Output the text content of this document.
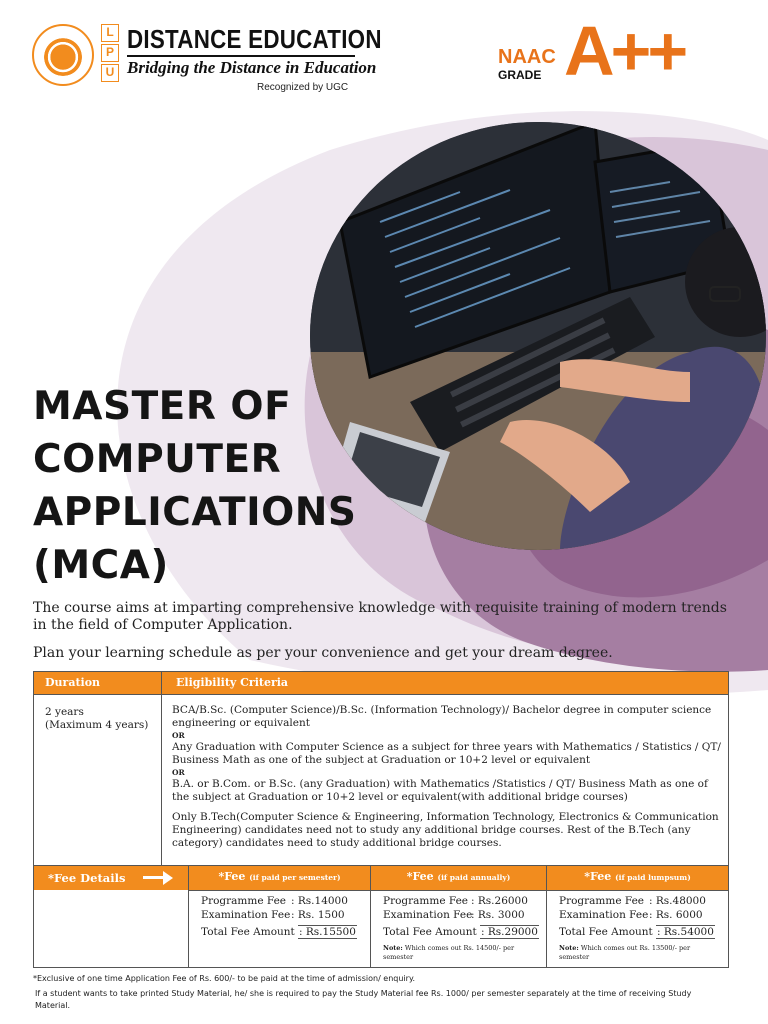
L
P
U
DISTANCE EDUCATION
Bridging the Distance in Education
Recognized by UGC
NAAC
GRADE A++
MASTER OF
COMPUTER
APPLICATIONS
(MCA)
The course aims at imparting comprehensive knowledge with requisite training of modern trends in the field of Computer Application.
Plan your learning schedule as per your convenience and get your dream degree.
Duration	Eligibility Criteria
2 years
(Maximum 4 years)

BCA/B.Sc. (Computer Science)/B.Sc. (Information Technology)/ Bachelor degree in computer science engineering or equivalent

OR

Any Graduation with Computer Science as a subject for three years with Mathematics / Statistics / QT/ Business Math as one of the subject at Graduation or 10+2 level or equivalent

OR

B.A. or B.Com. or B.Sc. (any Graduation) with Mathematics /Statistics / QT/ Business Math as one of the subject at Graduation or 10+2 level or equivalent(with additional bridge courses)

Only B.Tech(Computer Science & Engineering, Information Technology, Electronics & Communication Engineering) candidates need not to study any additional bridge courses. Rest of the B.Tech (any category) candidates need to study additional bridge courses.

*Fee Details	*Fee (if paid per semester)
Programme Fee : Rs.14000
Examination Fee : Rs. 1500
Total Fee Amount : Rs.15500
*Fee (if paid annually)
Programme Fee : Rs.26000
Examination Fee
: Rs. 3000
Total Fee Amount : Rs.29000
Note: Which comes out Rs. 14500/- per semester
*Fee (if paid lumpsum)
Programme Fee : Rs.48000
Examination Fee : Rs. 6000
Total Fee Amount : Rs.54000
Note: Which comes out Rs. 13500/- per semester
*Exclusive of one time Application Fee of Rs. 600/- to be paid at the time of admission/ enquiry.
If a student wants to take printed Study Material, he/ she is required to pay the Study Material fee Rs. 1000/ per semester separately at the time of receiving Study Material.
